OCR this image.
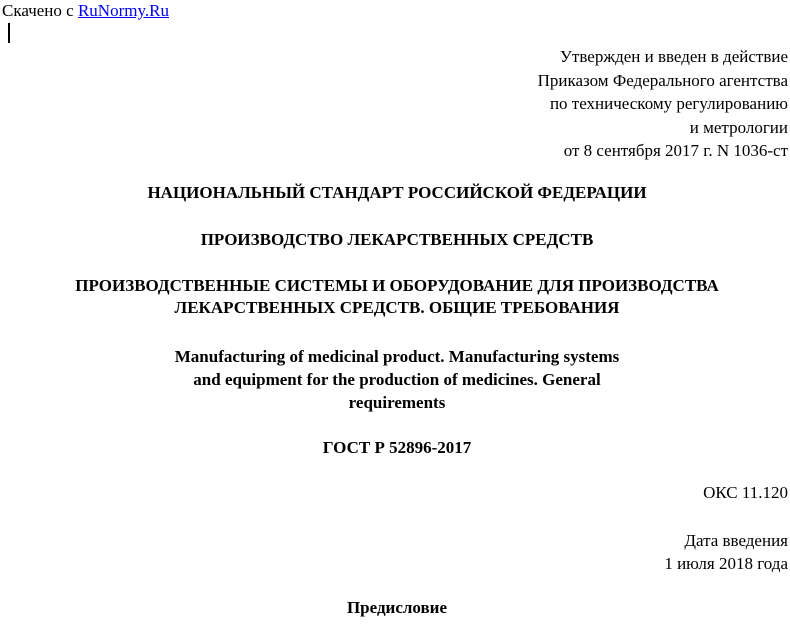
Скачено с RuNormy.Ru
Утвержден и введен в действие
Приказом Федерального агентства
по техническому регулированию
и метрологии
от 8 сентября 2017 г. N 1036-ст
НАЦИОНАЛЬНЫЙ СТАНДАРТ РОССИЙСКОЙ ФЕДЕРАЦИИ
ПРОИЗВОДСТВО ЛЕКАРСТВЕННЫХ СРЕДСТВ
ПРОИЗВОДСТВЕННЫЕ СИСТЕМЫ И ОБОРУДОВАНИЕ ДЛЯ ПРОИЗВОДСТВА
ЛЕКАРСТВЕННЫХ СРЕДСТВ. ОБЩИЕ ТРЕБОВАНИЯ
Manufacturing of medicinal product. Manufacturing systems
and equipment for the production of medicines. General
requirements
ГОСТ Р 52896-2017
ОКС 11.120
Дата введения
1 июля 2018 года
Предисловие
